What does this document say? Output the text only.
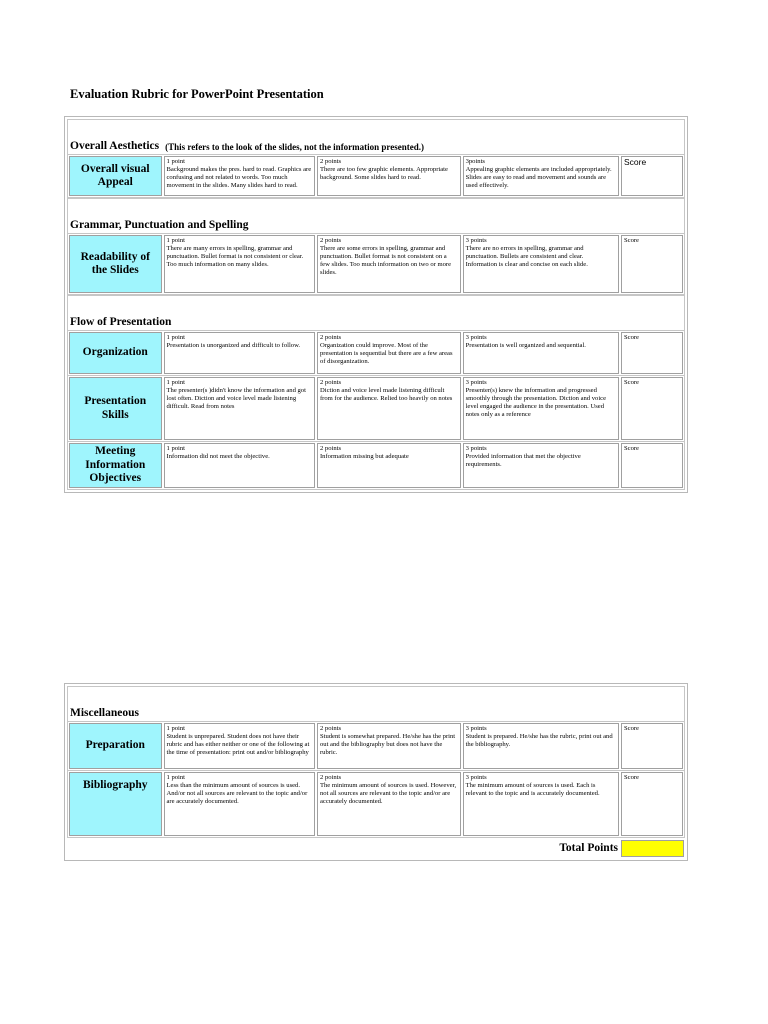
Evaluation Rubric for PowerPoint Presentation
Overall Aesthetics (This refers to the look of the slides, not the information presented.)
Overall visual Appeal
1 point
Background makes the pres. hard to read. Graphics are confusing and not related to words. Too much movement in the slides. Many slides hard to read.
2 points
There are too few graphic elements. Appropriate background. Some slides hard to read.
3points
Appealing graphic elements are included appropriately. Slides are easy to read and movement and sounds are used effectively.
Score
Grammar, Punctuation and Spelling
Readability of the Slides
1 point
There are many errors in spelling, grammar and punctuation. Bullet format is not consistent or clear. Too much information on many slides.
2 points
There are some errors in spelling, grammar and punctuation. Bullet format is not consistent on a few slides. Too much information on two or more slides.
3 points
There are no errors in spelling, grammar and punctuation. Bullets are consistent and clear. Information is clear and concise on each slide.
Score
Flow of Presentation
Organization
1 point
Presentation is unorganized and difficult to follow.
2 points
Organization could improve. Most of the presentation is sequential but there are a few areas of disorganization.
3 points
Presentation is well organized and sequential.
Score
Presentation Skills
1 point
The presenter(s )didn't know the information and got lost often. Diction and voice level made listening difficult. Read from notes
2 points
Diction and voice level made listening difficult from for the audience. Relied too heavily on notes
3 points
Presenter(s) knew the information and progressed smoothly through the presentation. Diction and voice level engaged the audience in the presentation. Used notes only as a reference
Score
Meeting Information Objectives
1 point
Information did not meet the objective.
2 points
Information missing but adequate
3 points
Provided information that met the objective requirements.
Score
Miscellaneous
Preparation
1 point
Student is unprepared. Student does not have their rubric and has either neither or one of the following at the time of presentation: print out and/or bibliography
2 points
Student is somewhat prepared. He/she has the print out and the bibliography but does not have the rubric.
3 points
Student is prepared. He/she has the rubric, print out and the bibliography.
Score
Bibliography
1 point
Less than the minimum amount of sources is used. And/or not all sources are relevant to the topic and/or are accurately documented.
2 points
The minimum amount of sources is used. However, not all sources are relevant to the topic and/or are accurately documented.
3 points
The minimum amount of sources is used. Each is relevant to the topic and is accurately documented.
Score
Total Points
